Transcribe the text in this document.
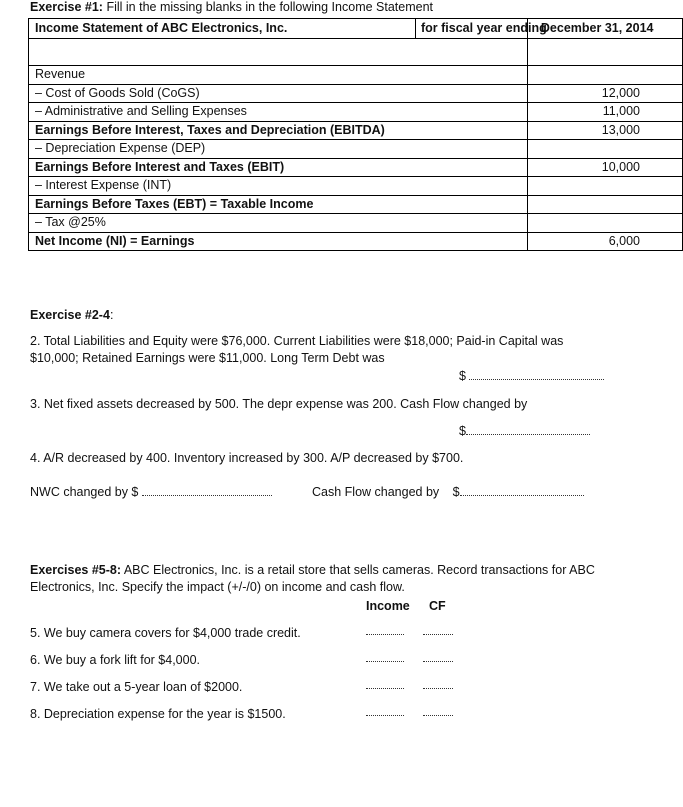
Exercise #1: Fill in the missing blanks in the following Income Statement
Income Statement of ABC Electronics, Inc. for fiscal year ending	December 31, 2014

Revenue	
– Cost of Goods Sold (CoGS)	12,000
– Administrative and Selling Expenses	11,000
Earnings Before Interest, Taxes and Depreciation (EBITDA)	13,000
– Depreciation Expense (DEP)	
Earnings Before Interest and Taxes (EBIT)	10,000
– Interest Expense (INT)	
Earnings Before Taxes (EBT) = Taxable Income	
– Tax @25%	
Net Income (NI) = Earnings	6,000
Exercise #2-4:
2. Total Liabilities and Equity were $76,000. Current Liabilities were $18,000; Paid-in Capital was
$10,000; Retained Earnings were $11,000. Long Term Debt was
$
3. Net fixed assets decreased by 500. The depr expense was 200. Cash Flow changed by
$
4. A/R decreased by 400. Inventory increased by 300. A/P decreased by $700.
NWC changed by $	Cash Flow changed by $
Exercises #5-8: ABC Electronics, Inc. is a retail store that sells cameras. Record transactions for ABC
Electronics, Inc. Specify the impact (+/-/0) on income and cash flow.
Income CF
5. We buy camera covers for $4,000 trade credit.
6. We buy a fork lift for $4,000.
7. We take out a 5-year loan of $2000.
8. Depreciation expense for the year is $1500.
